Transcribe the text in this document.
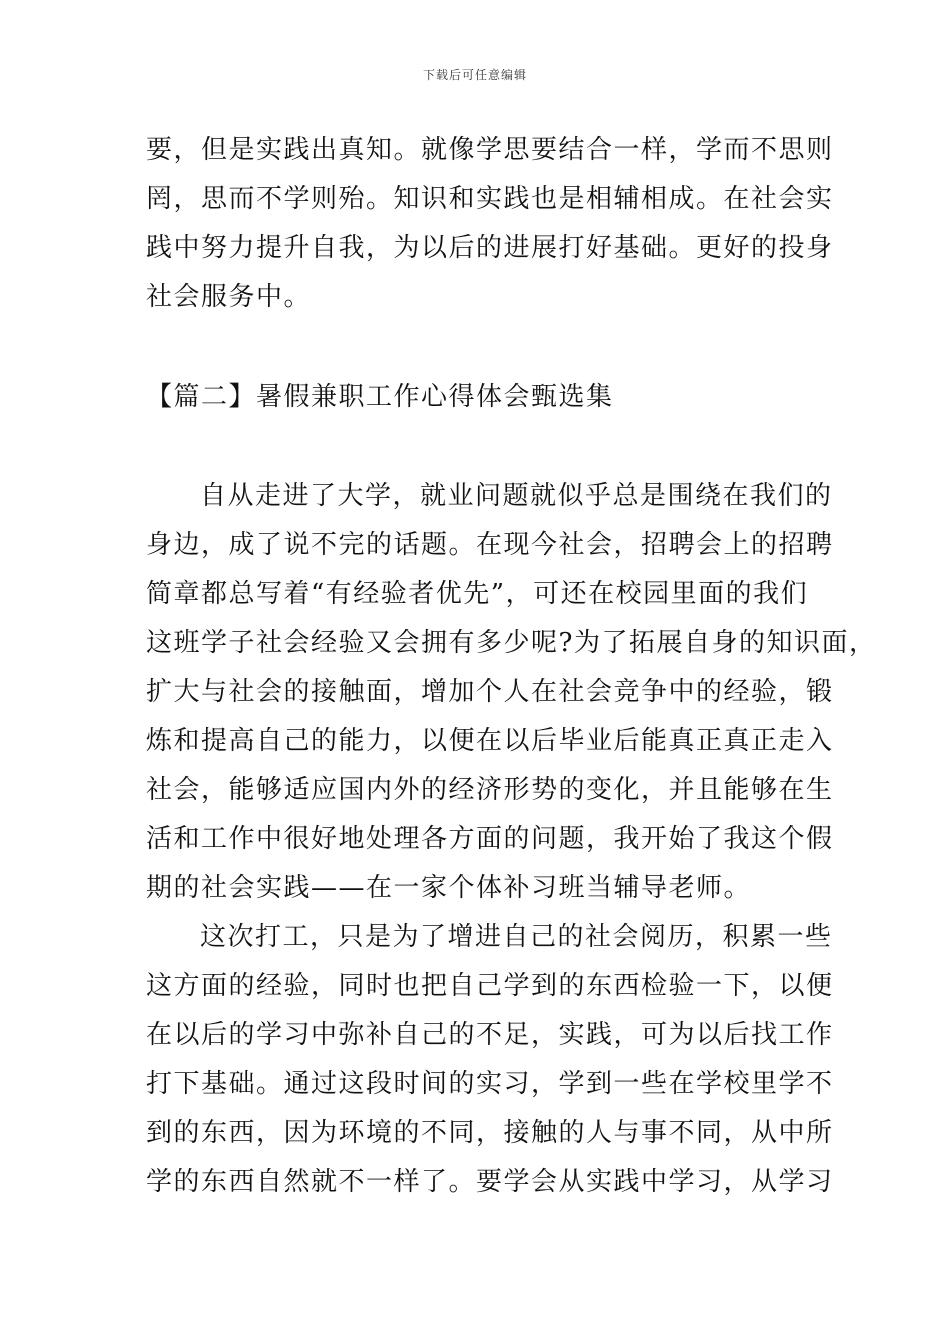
下载后可任意编辑
要，但是实践出真知。就像学思要结合一样，学而不思则
罔，思而不学则殆。知识和实践也是相辅相成。在社会实
践中努力提升自我，为以后的进展打好基础。更好的投身
社会服务中。
【篇二】暑假兼职工作心得体会甄选集
自从走进了大学，就业问题就似乎总是围绕在我们的
身边，成了说不完的话题。在现今社会，招聘会上的招聘
简章都总写着“有经验者优先”，可还在校园里面的我们
这班学子社会经验又会拥有多少呢?为了拓展自身的知识面，
扩大与社会的接触面，增加个人在社会竞争中的经验，锻
炼和提高自己的能力，以便在以后毕业后能真正真正走入
社会，能够适应国内外的经济形势的变化，并且能够在生
活和工作中很好地处理各方面的问题，我开始了我这个假
期的社会实践——在一家个体补习班当辅导老师。
这次打工，只是为了增进自己的社会阅历，积累一些
这方面的经验，同时也把自己学到的东西检验一下，以便
在以后的学习中弥补自己的不足，实践，可为以后找工作
打下基础。通过这段时间的实习，学到一些在学校里学不
到的东西，因为环境的不同，接触的人与事不同，从中所
学的东西自然就不一样了。要学会从实践中学习，从学习
